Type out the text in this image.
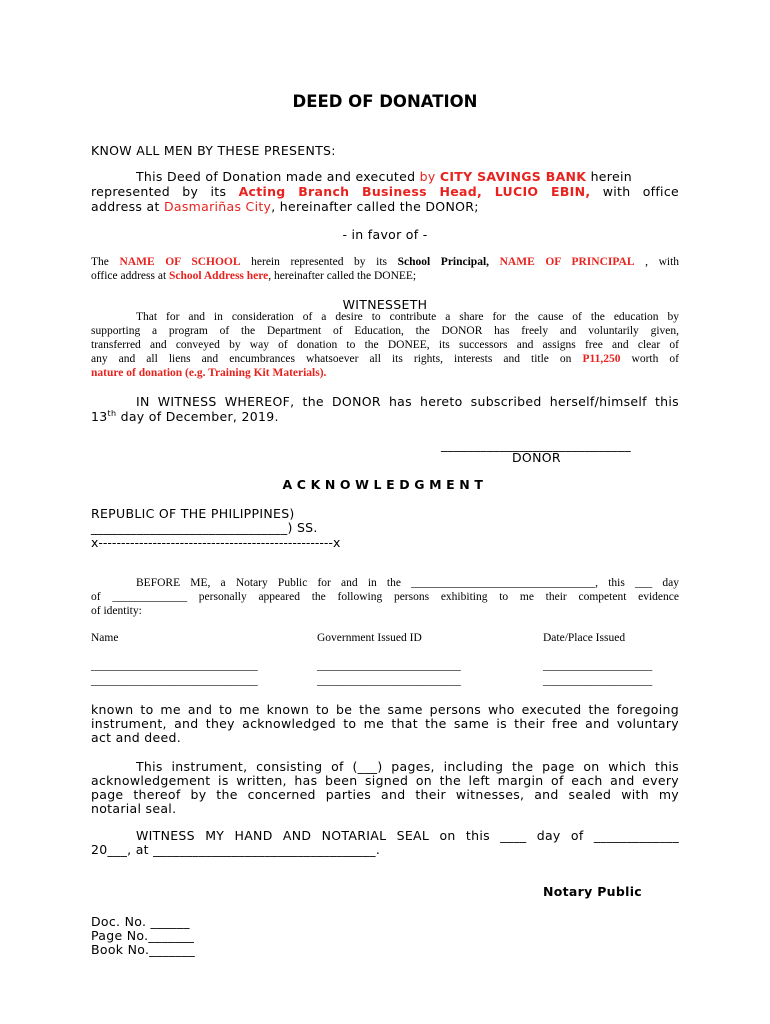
DEED OF DONATION
KNOW ALL MEN BY THESE PRESENTS:
This Deed of Donation made and executed by CITY SAVINGS BANK herein
represented by its Acting Branch Business Head, LUCIO EBIN, with office
address at Dasmariñas City, hereinafter called the DONOR;
- in favor of -
The NAME OF SCHOOL herein represented by its School Principal, NAME OF PRINCIPAL , with
office address at School Address here, hereinafter called the DONEE;
WITNESSETH
That for and in consideration of a desire to contribute a share for the cause of the education by
supporting a program of the Department of Education, the DONOR has freely and voluntarily given,
transferred and conveyed by way of donation to the DONEE, its successors and assigns free and clear of
any and all liens and encumbrances whatsoever all its rights, interests and title on P11,250 worth of
nature of donation (e.g. Training Kit Materials).
IN WITNESS WHEREOF, the DONOR has hereto subscribed herself/himself this
13th day of December, 2019.
_____________________________
DONOR
ACKNOWLEDGMENT
REPUBLIC OF THE PHILIPPINES)
______________________________) SS.
x----------------------------------------------------x
BEFORE ME, a Notary Public for and in the ________________________________, this ___ day
of _____________ personally appeared the following persons exhibiting to me their competent evidence
of identity:
Name	Government Issued ID	Date/Place Issued
_____________________________	_________________________	___________________
_____________________________	_________________________	___________________
known to me and to me known to be the same persons who executed the foregoing
instrument, and they acknowledged to me that the same is their free and voluntary
act and deed.
This instrument, consisting of (___) pages, including the page on which this
acknowledgement is written, has been signed on the left margin of each and every
page thereof by the concerned parties and their witnesses, and sealed with my
notarial seal.
WITNESS MY HAND AND NOTARIAL SEAL on this ____ day of _____________
20___, at __________________________________.
Notary Public
Doc. No. ______
Page No._______
Book No._______
